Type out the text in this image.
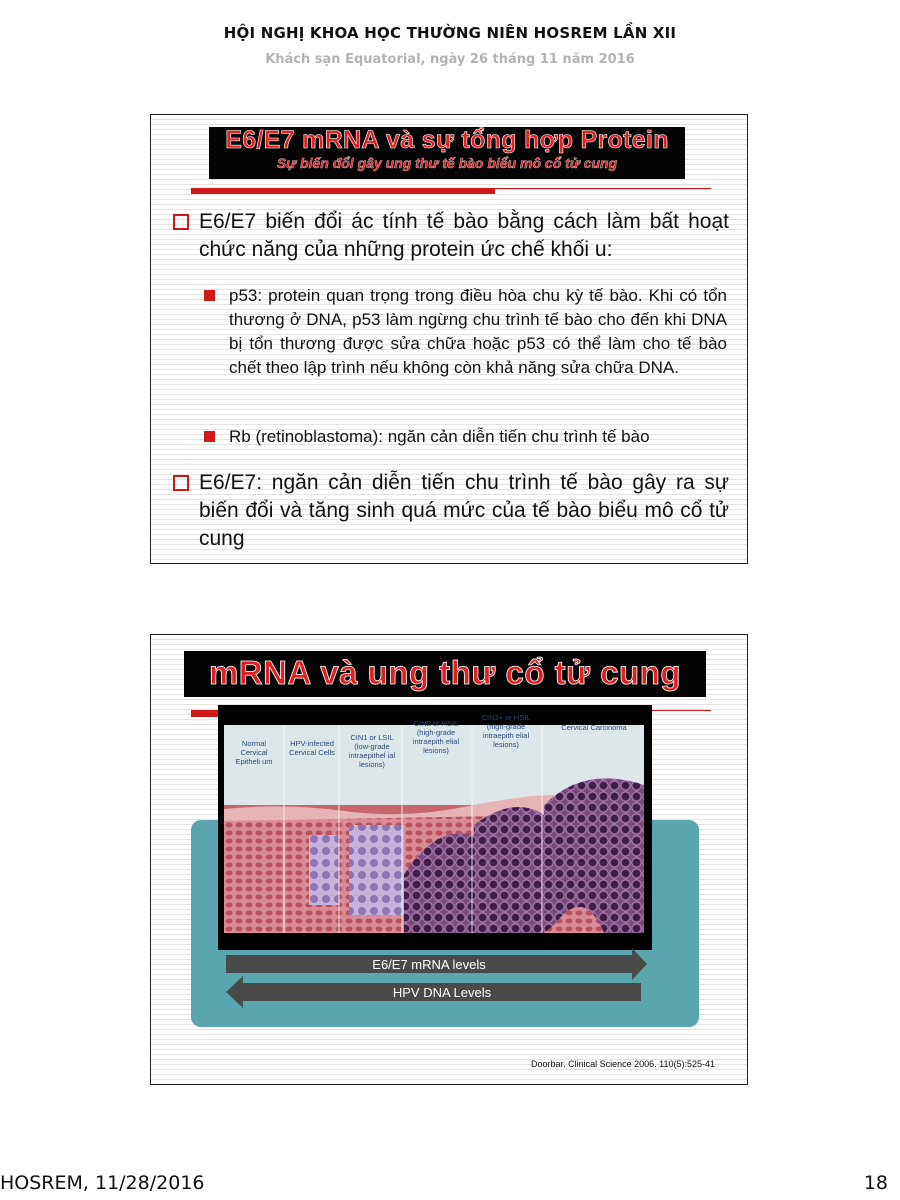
HỘI NGHỊ KHOA HỌC THƯỜNG NIÊN HOSREM LẦN XII
Khách sạn Equatorial, ngày 26 tháng 11 năm 2016
E6/E7 mRNA và sự tổng hợp Protein
Sự biến đổi gây ung thư tế bào biểu mô cổ tử cung
E6/E7 biến đổi ác tính tế bào bằng cách làm bất hoạt chức năng của những protein ức chế khối u:
p53: protein quan trọng trong điều hòa chu kỳ tế bào. Khi có tổn thương ở DNA, p53 làm ngừng chu trình tế bào cho đến khi DNA bị tổn thương được sửa chữa hoặc p53 có thể làm cho tế bào chết theo lập trình nếu không còn khả năng sửa chữa DNA.
Rb (retinoblastoma): ngăn cản diễn tiến chu trình tế bào
E6/E7: ngăn cản diễn tiến chu trình tế bào gây ra sự biến đổi và tăng sinh quá mức của tế bào biểu mô cổ tử cung
mRNA và ung thư cổ tử cung
Normal Cervical Epitheli um
HPV-infected Cervical Cells
CIN1 or LSIL (low-grade intraepithel ial lesions)
CIN2 or HSIL (high-grade intraepith elial lesions)
CIN3+ or HSIL (high-grade intraepith elial lesions)
Cervical Carcinoma
E6/E7 mRNA levels
HPV DNA Levels
Doorbar. Clinical Science 2006. 110(5):525-41
HOSREM, 11/28/2016	18
